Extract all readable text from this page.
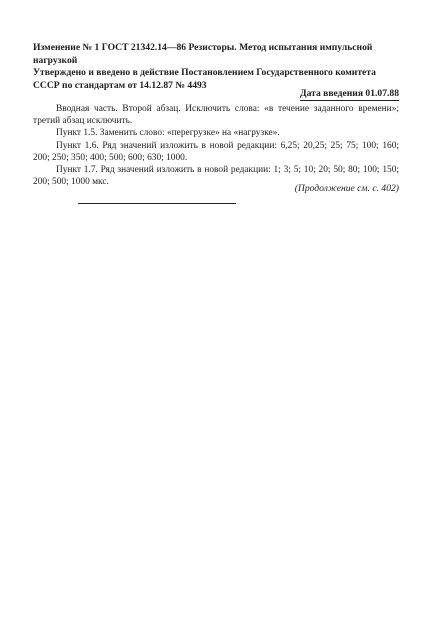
Изменение № 1 ГОСТ 21342.14—86 Резисторы. Метод испытания импульсной
нагрузкой
Утверждено и введено в действие Постановлением Государственного комитета
СССР по стандартам от 14.12.87 № 4493
Дата введения 01.07.88

Вводная часть. Второй абзац. Исключить слова: «в течение заданного времени»; третий абзац исключить.

Пункт 1.5. Заменить слово: «перегрузке» на «нагрузке».

Пункт 1.6. Ряд значений изложить в новой редакции: 6,25; 20,25; 25; 75; 100; 160; 200; 250; 350; 400; 500; 600; 630; 1000.

Пункт 1.7. Ряд значений изложить в новой редакции: 1; 3; 5; 10; 20; 50; 80; 100; 150; 200; 500; 1000 мкс.

(Продолжение см. с. 402)
